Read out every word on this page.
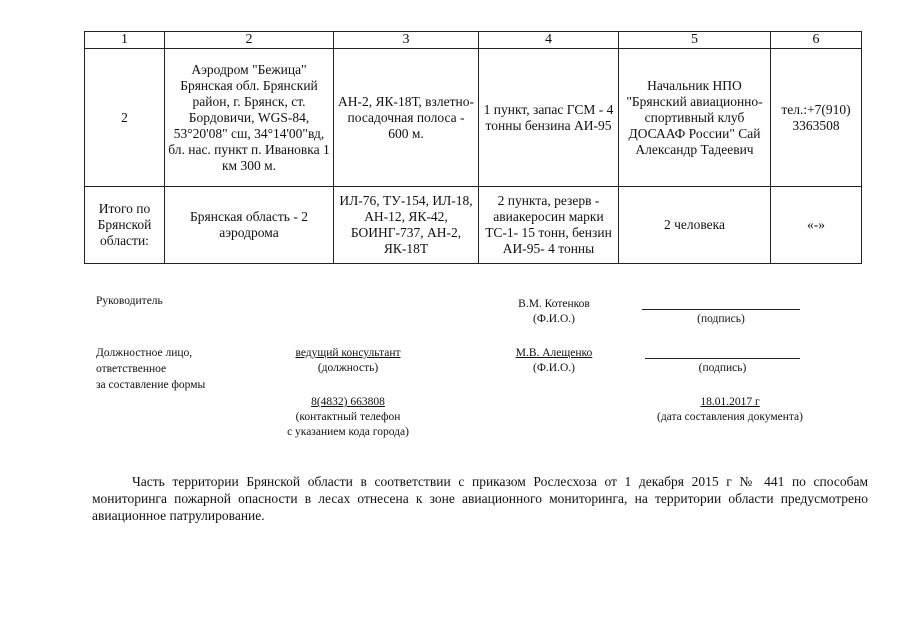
1	2	3	4	5	6
2	Аэродром "Бежица" Брянская обл. Брянский район, г. Брянск, ст. Бордовичи, WGS-84, 53°20'08" сш, 34°14'00"вд, бл. нас. пункт п. Ивановка 1 км 300 м.	АН-2, ЯК-18Т, взлетно-посадочная полоса - 600 м.	1 пункт, запас ГСМ - 4 тонны бензина АИ-95	Начальник НПО "Брянский авиационно-спортивный клуб ДОСААФ России" Сай Александр Тадеевич	тел.:+7(910) 3363508
Итого по Брянской области:	Брянская область - 2 аэродрома	ИЛ-76, ТУ-154, ИЛ-18, АН-12, ЯК-42, БОИНГ-737, АН-2, ЯК-18Т	2 пункта, резерв - авиакеросин марки ТС-1- 15 тонн, бензин АИ-95- 4 тонны	2 человека	«-»
Руководитель	В.М. Котенков
(Ф.И.О.)	(подпись)
Должностное лицо,
ответственное
за составление формы
ведущий консультант
(должность)
М.В. Алещенко
(Ф.И.О.)	(подпись)
8(4832) 663808
(контактный телефон
с указанием кода города)
18.01.2017 г
(дата составления документа)
Часть территории Брянской области в соответствии с приказом Рослесхоза от 1 декабря 2015 г № 441 по способам мониторинга пожарной опасности в лесах отнесена к зоне авиационного мониторинга, на территории области предусмотрено авиационное патрулирование.
